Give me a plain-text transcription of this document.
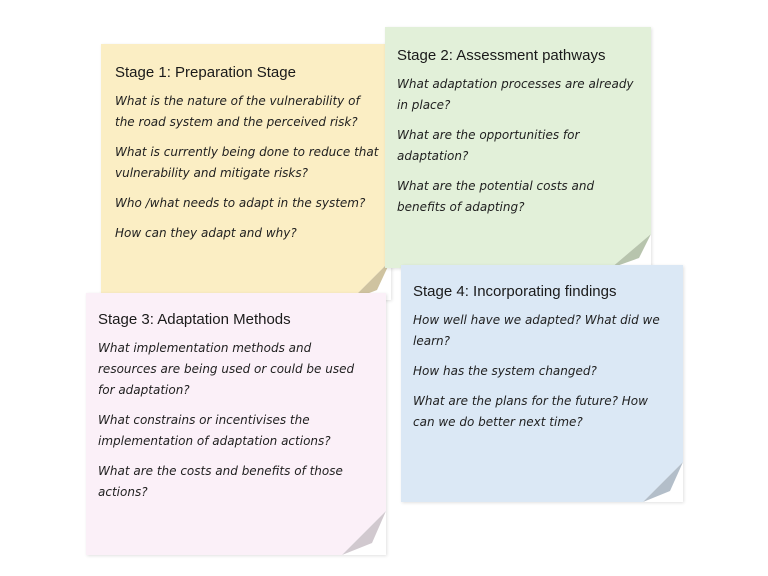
Stage 1: Preparation Stage
What is the nature of the vulnerability of the road system and the perceived risk?
What is currently being done to reduce that vulnerability and mitigate risks?
Who /what needs to adapt in the system?
How can they adapt and why?
Stage 2: Assessment pathways
What adaptation processes are already in place?
What are the opportunities for adaptation?
What are the potential costs and benefits of adapting?
Stage 3: Adaptation Methods
What implementation methods and resources are being used or could be used for adaptation?
What constrains or incentivises the implementation of adaptation actions?
What are the costs and benefits of those actions?
Stage 4: Incorporating findings
How well have we adapted? What did we learn?
How has the system changed?
What are the plans for the future? How can we do better next time?
